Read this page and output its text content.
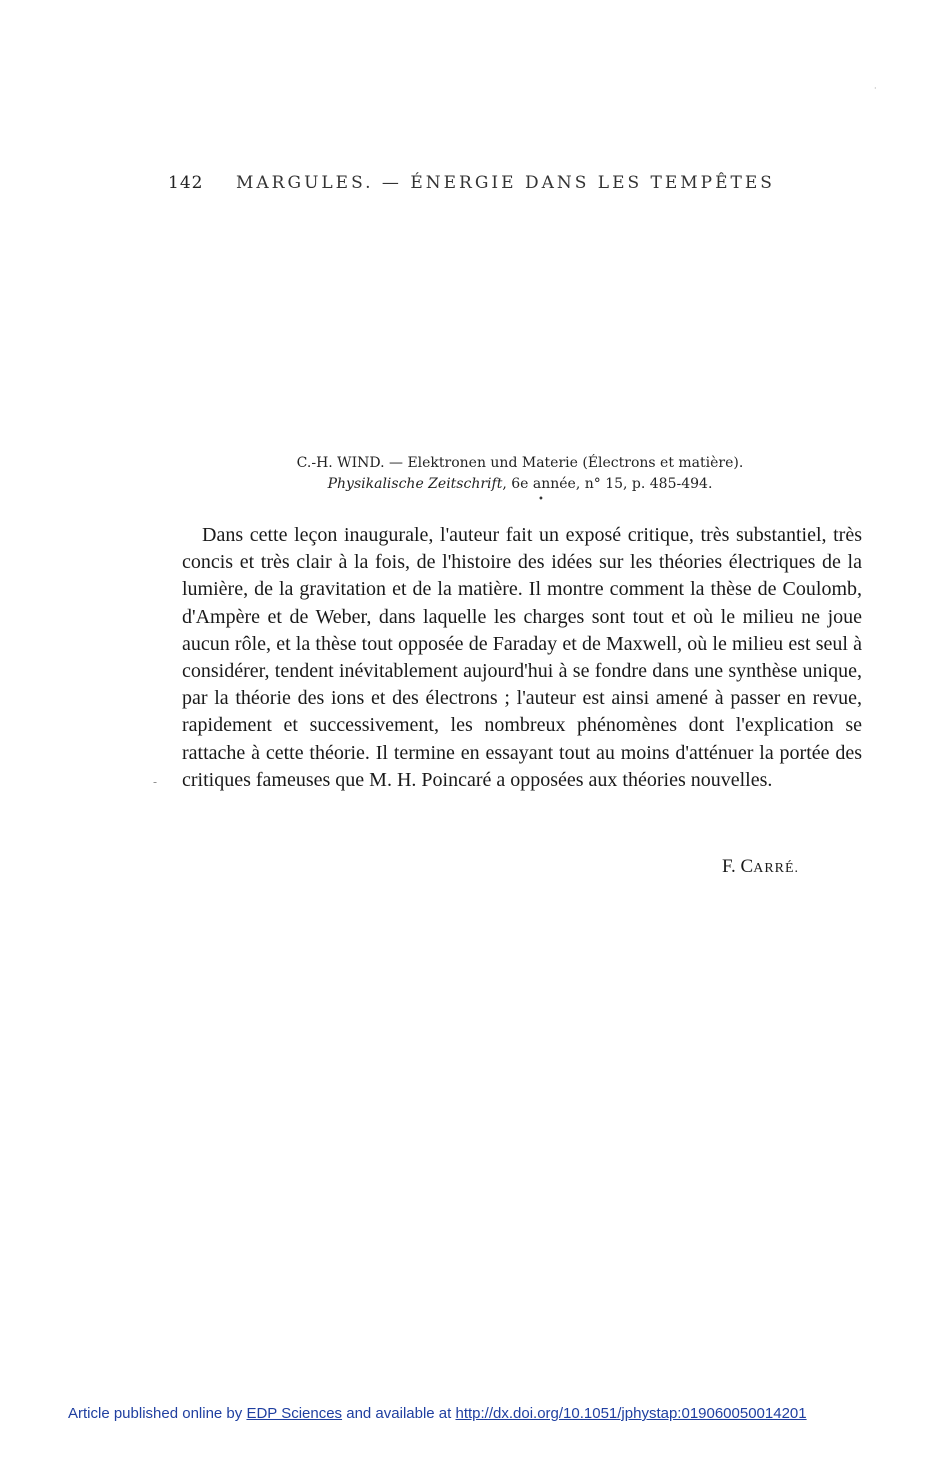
·
142 MARGULES. — ÉNERGIE DANS LES TEMPÊTES
C.-H. WIND. — Elektronen und Materie (Électrons et matière).
Physikalische Zeitschrift, 6e année, n° 15, p. 485-494.
•
-
Dans cette leçon inaugurale, l'auteur fait un exposé critique, très substantiel, très concis et très clair à la fois, de l'histoire des idées sur les théories électriques de la lumière, de la gravitation et de la matière. Il montre comment la thèse de Coulomb, d'Ampère et de Weber, dans laquelle les charges sont tout et où le milieu ne joue aucun rôle, et la thèse tout opposée de Faraday et de Maxwell, où le milieu est seul à considérer, tendent inévitablement aujourd'hui à se fondre dans une synthèse unique, par la théorie des ions et des électrons ; l'auteur est ainsi amené à passer en revue, rapidement et successivement, les nombreux phénomènes dont l'explication se rattache à cette théorie. Il termine en essayant tout au moins d'atténuer la portée des critiques fameuses que M. H. Poincaré a opposées aux théories nouvelles.
F. CARRÉ.
Article published online by EDP Sciences and available at http://dx.doi.org/10.1051/jphystap:019060050014201
